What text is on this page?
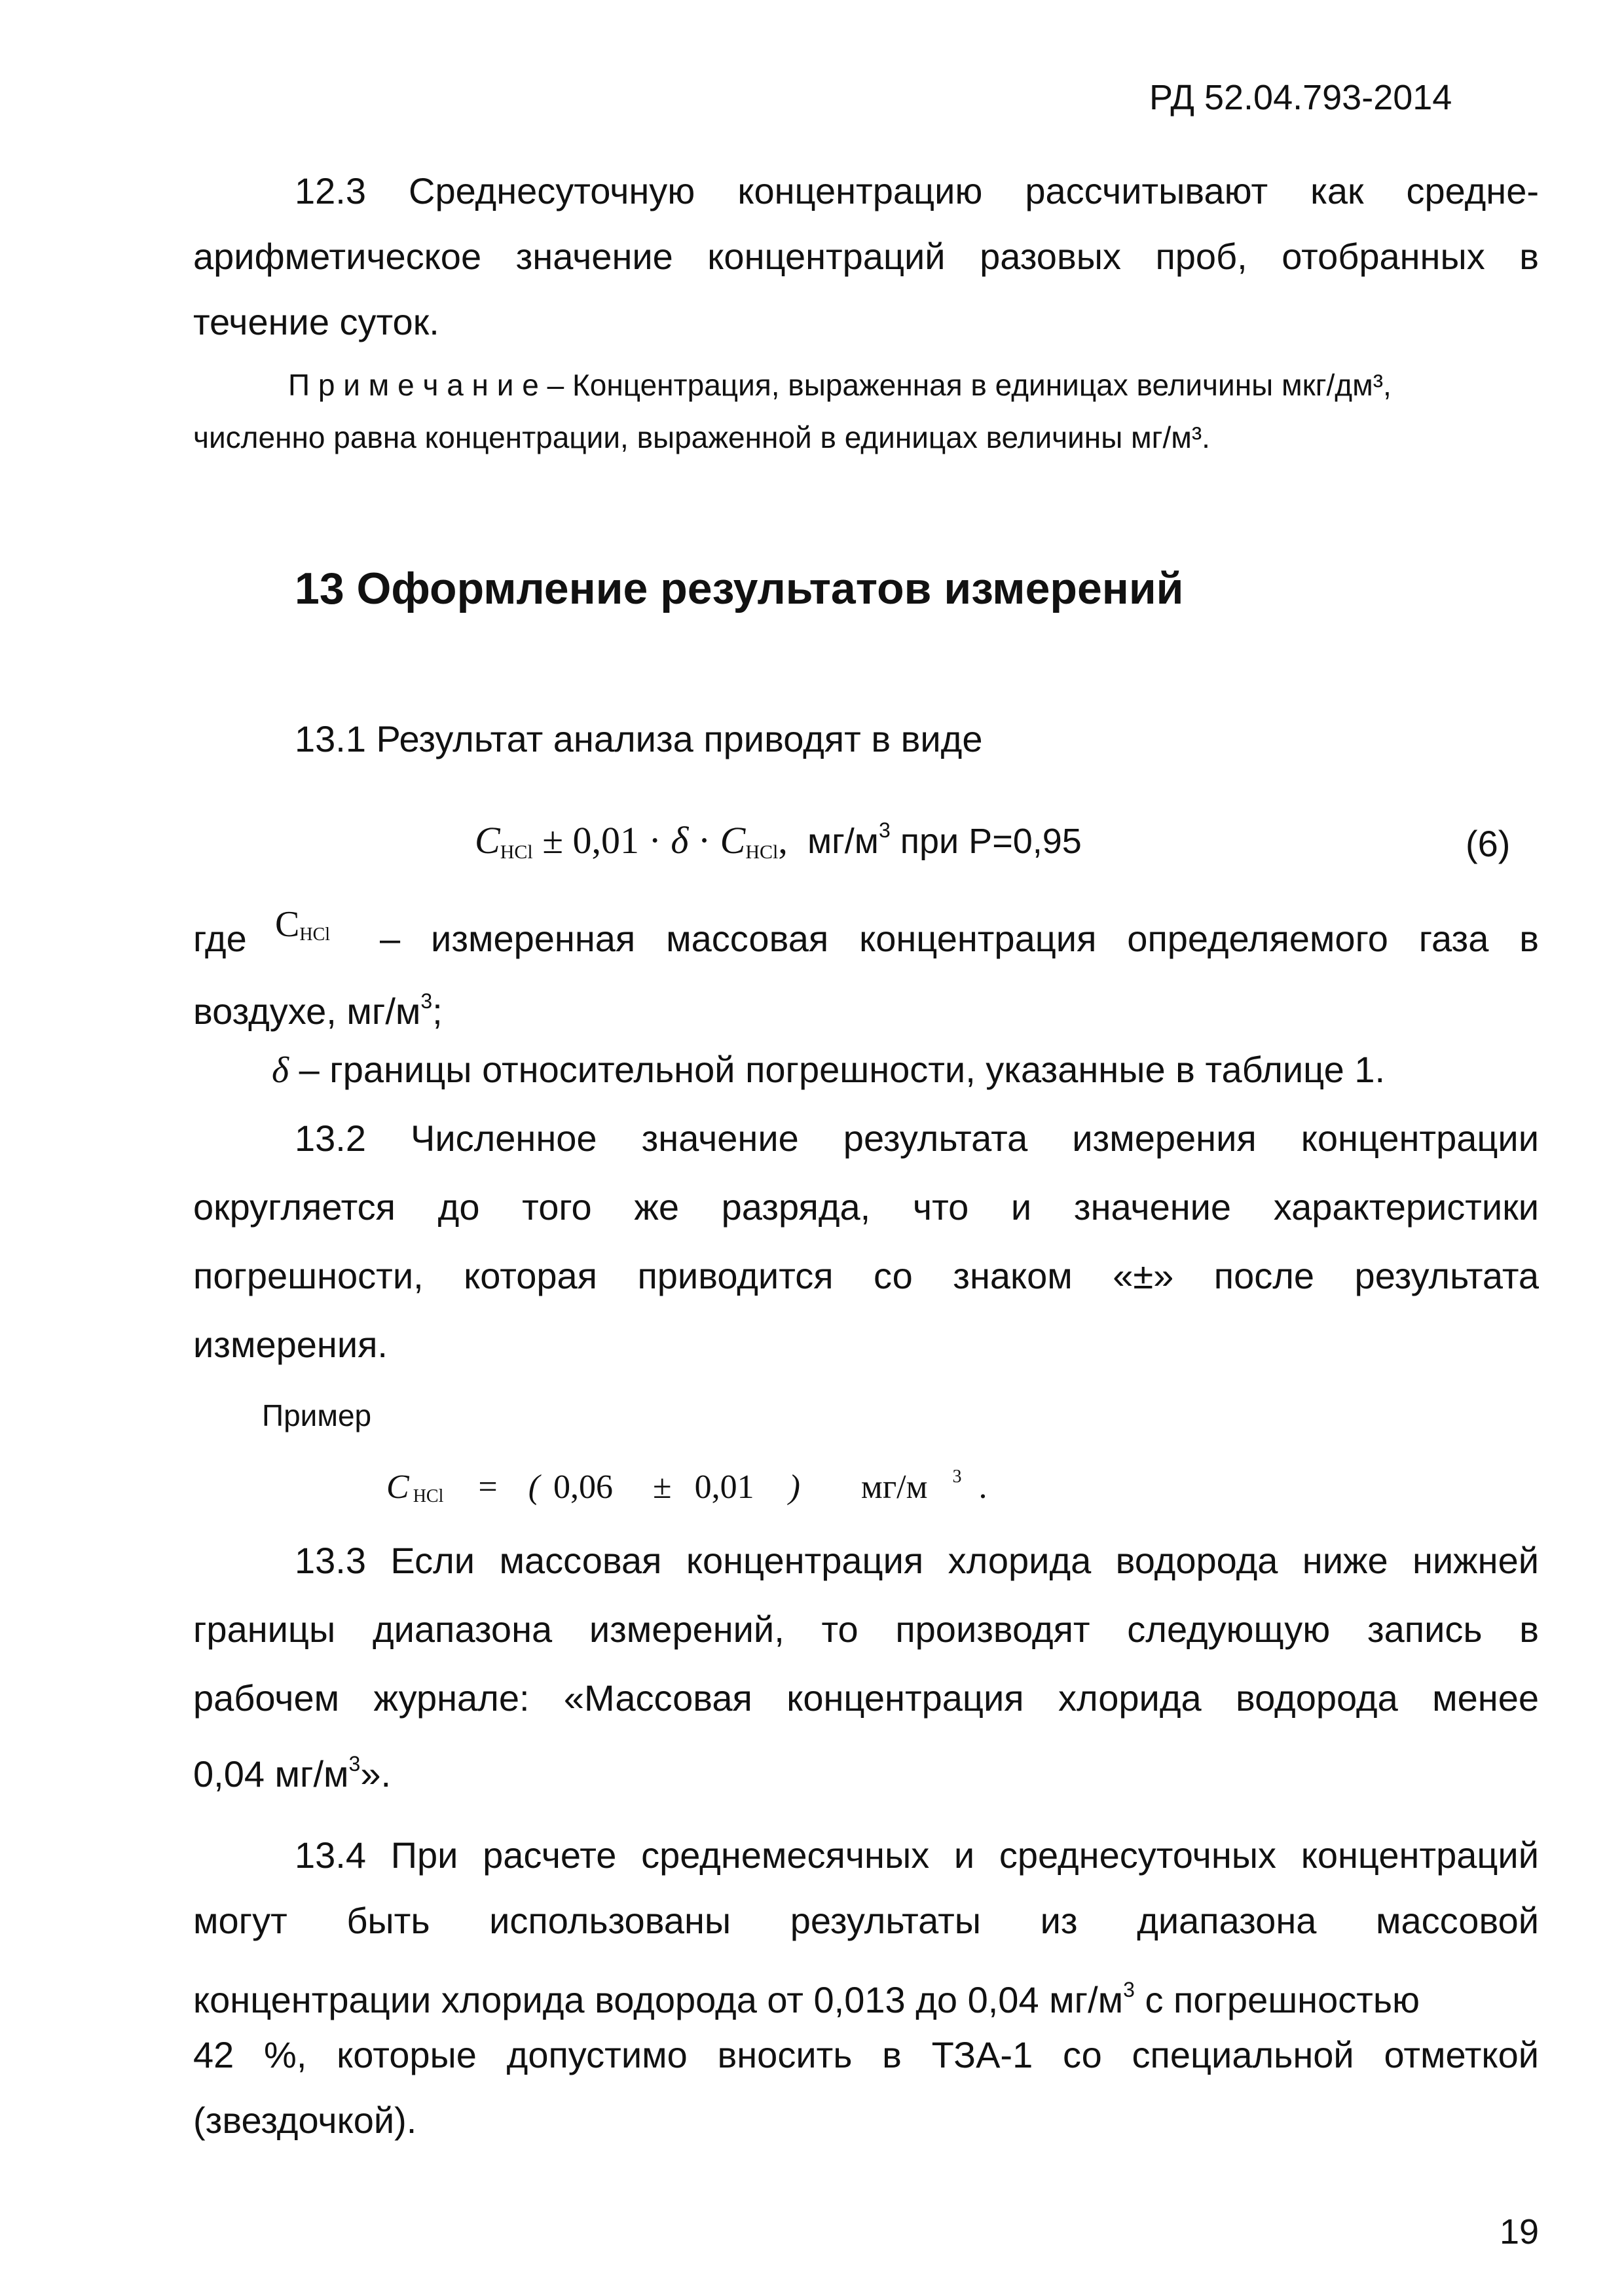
РД 52.04.793-2014
12.3 Среднесуточную концентрацию рассчитывают как средне-
арифметическое значение концентраций разовых проб, отобранных в
течение суток.
П р и м е ч а н и е – Концентрация, выраженная в единицах величины мкг/дм³,
численно равна концентрации, выраженной в единицах величины мг/м³.
13 Оформление результатов измерений
13.1 Результат анализа приводят в виде
$C_{HCl} \pm 0,01 \cdot \delta \cdot C_{HCl}$, $мг/м^3$ при P=0,95	(6)
где CHCl – измеренная массовая концентрация определяемого газа в
воздухе, $мг/м^3$;
δ – границы относительной погрешности, указанные в таблице 1.
13.2 Численное значение результата измерения концентрации
округляется до того же разряда, что и значение характеристики
погрешности, которая приводится со знаком «±» после результата
измерения.
Пример
C HCl = ( 0,06 ± 0,01 ) мг/м $^3$ .
13.3 Если массовая концентрация хлорида водорода ниже нижней
границы диапазона измерений, то производят следующую запись в
рабочем журнале: «Массовая концентрация хлорида водорода менее
0,04 $мг/м^3$».
13.4 При расчете среднемесячных и среднесуточных концентраций
могут быть использованы результаты из диапазона массовой
концентрации хлорида водорода от 0,013 до 0,04 $мг/м^3$ с погрешностью
42 %, которые допустимо вносить в ТЗА-1 со специальной отметкой
(звездочкой).
19
